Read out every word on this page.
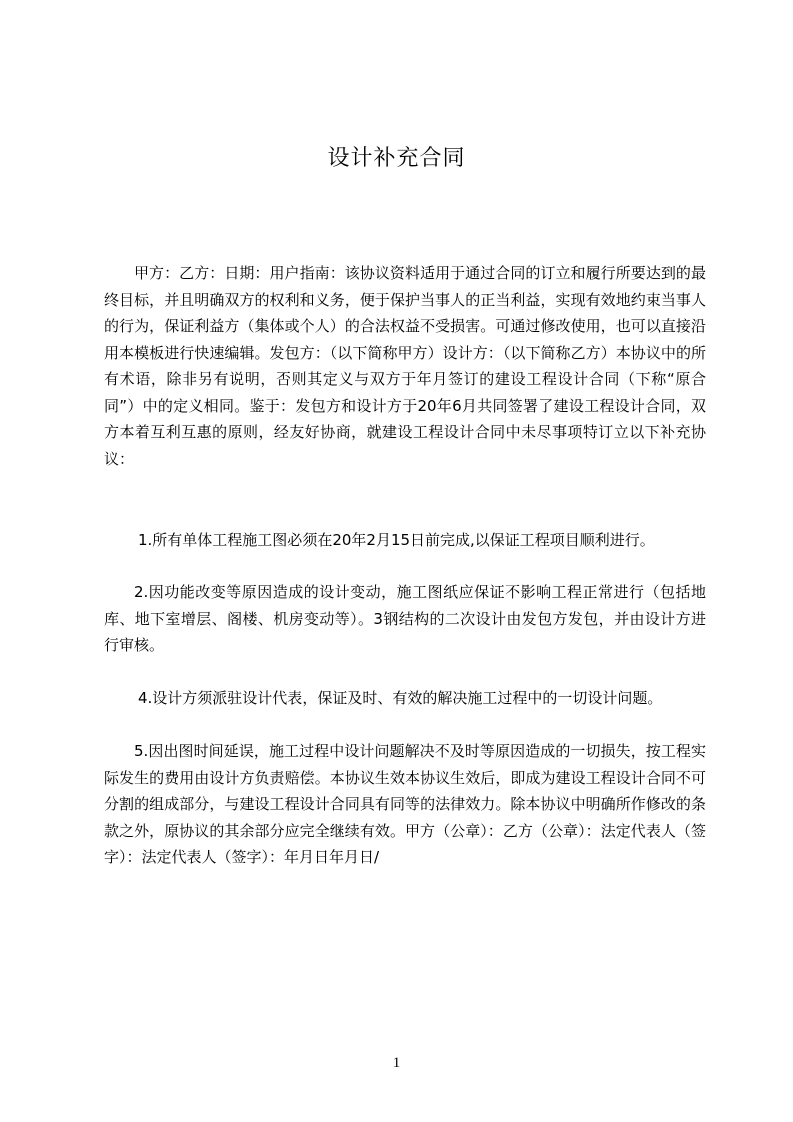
设计补充合同
甲方：乙方：日期：用户指南：该协议资料适用于通过合同的订立和履行所要达到的最终目标，并且明确双方的权利和义务，便于保护当事人的正当利益，实现有效地约束当事人的行为，保证利益方（集体或个人）的合法权益不受损害。可通过修改使用，也可以直接沿用本模板进行快速编辑。发包方：（以下简称甲方）设计方：（以下简称乙方）本协议中的所有术语，除非另有说明，否则其定义与双方于年月签订的建设工程设计合同（下称“原合同”）中的定义相同。鉴于：发包方和设计方于20年6月共同签署了建设工程设计合同，双方本着互利互惠的原则，经友好协商，就建设工程设计合同中未尽事项特订立以下补充协议：
1.所有单体工程施工图必须在20年2月15日前完成,以保证工程项目顺利进行。
2.因功能改变等原因造成的设计变动，施工图纸应保证不影响工程正常进行（包括地库、地下室增层、阁楼、机房变动等）。3钢结构的二次设计由发包方发包，并由设计方进行审核。
4.设计方须派驻设计代表，保证及时、有效的解决施工过程中的一切设计问题。
5.因出图时间延误，施工过程中设计问题解决不及时等原因造成的一切损失，按工程实际发生的费用由设计方负责赔偿。本协议生效本协议生效后，即成为建设工程设计合同不可分割的组成部分，与建设工程设计合同具有同等的法律效力。除本协议中明确所作修改的条款之外，原协议的其余部分应完全继续有效。甲方（公章）：乙方（公章）：法定代表人（签字）：法定代表人（签字）：年月日年月日/
1
